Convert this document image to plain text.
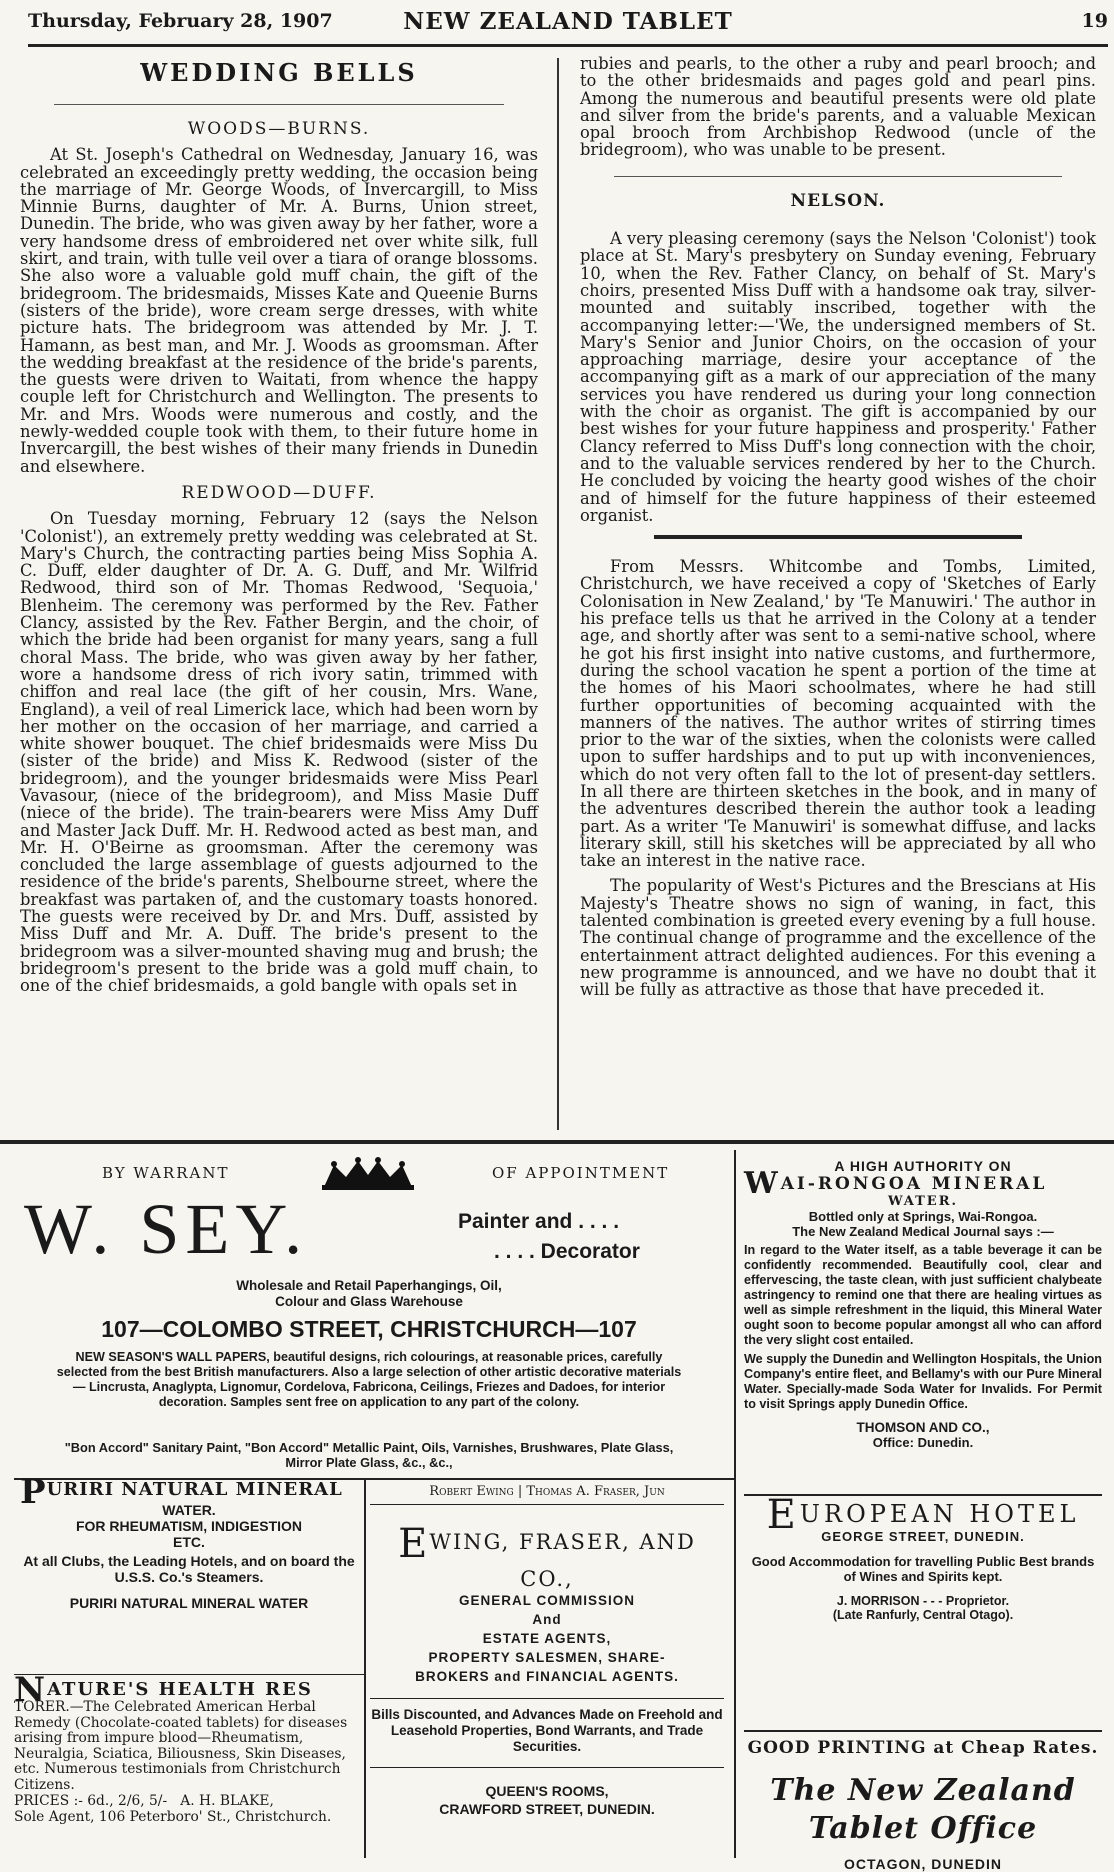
Thursday, February 28, 1907	NEW ZEALAND TABLET	19
WEDDING BELLS
WOODS—BURNS.

At St. Joseph's Cathedral on Wednesday, January 16, was celebrated an exceedingly pretty wedding, the occasion being the marriage of Mr. George Woods, of Invercargill, to Miss Minnie Burns, daughter of Mr. A. Burns, Union street, Dunedin. The bride, who was given away by her father, wore a very handsome dress of embroidered net over white silk, full skirt, and train, with tulle veil over a tiara of orange blossoms. She also wore a valuable gold muff chain, the gift of the bridegroom. The bridesmaids, Misses Kate and Queenie Burns (sisters of the bride), wore cream serge dresses, with white picture hats. The bridegroom was attended by Mr. J. T. Hamann, as best man, and Mr. J. Woods as groomsman. After the wedding breakfast at the residence of the bride's parents, the guests were driven to Waitati, from whence the happy couple left for Christchurch and Wellington. The presents to Mr. and Mrs. Woods were numerous and costly, and the newly-wedded couple took with them, to their future home in Invercargill, the best wishes of their many friends in Dunedin and elsewhere.

REDWOOD—DUFF.

On Tuesday morning, February 12 (says the Nelson 'Colonist'), an extremely pretty wedding was celebrated at St. Mary's Church, the contracting parties being Miss Sophia A. C. Duff, elder daughter of Dr. A. G. Duff, and Mr. Wilfrid Redwood, third son of Mr. Thomas Redwood, 'Sequoia,' Blenheim. The ceremony was performed by the Rev. Father Clancy, assisted by the Rev. Father Bergin, and the choir, of which the bride had been organist for many years, sang a full choral Mass. The bride, who was given away by her father, wore a handsome dress of rich ivory satin, trimmed with chiffon and real lace (the gift of her cousin, Mrs. Wane, England), a veil of real Limerick lace, which had been worn by her mother on the occasion of her marriage, and carried a white shower bouquet. The chief bridesmaids were Miss Du (sister of the bride) and Miss K. Redwood (sister of the bridegroom), and the younger bridesmaids were Miss Pearl Vavasour, (niece of the bridegroom), and Miss Masie Duff (niece of the bride). The train-bearers were Miss Amy Duff and Master Jack Duff. Mr. H. Redwood acted as best man, and Mr. H. O'Beirne as groomsman. After the ceremony was concluded the large assemblage of guests adjourned to the residence of the bride's parents, Shelbourne street, where the breakfast was partaken of, and the customary toasts honored. The guests were received by Dr. and Mrs. Duff, assisted by Miss Duff and Mr. A. Duff. The bride's present to the bridegroom was a silver-mounted shaving mug and brush; the bridegroom's present to the bride was a gold muff chain, to one of the chief bridesmaids, a gold bangle with opals set in

rubies and pearls, to the other a ruby and pearl brooch; and to the other bridesmaids and pages gold and pearl pins. Among the numerous and beautiful presents were old plate and silver from the bride's parents, and a valuable Mexican opal brooch from Archbishop Redwood (uncle of the bridegroom), who was unable to be present.

NELSON.

A very pleasing ceremony (says the Nelson 'Colonist') took place at St. Mary's presbytery on Sunday evening, February 10, when the Rev. Father Clancy, on behalf of St. Mary's choirs, presented Miss Duff with a handsome oak tray, silver-mounted and suitably inscribed, together with the accompanying letter:—'We, the undersigned members of St. Mary's Senior and Junior Choirs, on the occasion of your approaching marriage, desire your acceptance of the accompanying gift as a mark of our appreciation of the many services you have rendered us during your long connection with the choir as organist. The gift is accompanied by our best wishes for your future happiness and prosperity.' Father Clancy referred to Miss Duff's long connection with the choir, and to the valuable services rendered by her to the Church. He concluded by voicing the hearty good wishes of the choir and of himself for the future happiness of their esteemed organist.

From Messrs. Whitcombe and Tombs, Limited, Christchurch, we have received a copy of 'Sketches of Early Colonisation in New Zealand,' by 'Te Manuwiri.' The author in his preface tells us that he arrived in the Colony at a tender age, and shortly after was sent to a semi-native school, where he got his first insight into native customs, and furthermore, during the school vacation he spent a portion of the time at the homes of his Maori schoolmates, where he had still further opportunities of becoming acquainted with the manners of the natives. The author writes of stirring times prior to the war of the sixties, when the colonists were called upon to suffer hardships and to put up with inconveniences, which do not very often fall to the lot of present-day settlers. In all there are thirteen sketches in the book, and in many of the adventures described therein the author took a leading part. As a writer 'Te Manuwiri' is somewhat diffuse, and lacks literary skill, still his sketches will be appreciated by all who take an interest in the native race.

The popularity of West's Pictures and the Brescians at His Majesty's Theatre shows no sign of waning, in fact, this talented combination is greeted every evening by a full house. The continual change of programme and the excellence of the entertainment attract delighted audiences. For this evening a new programme is announced, and we have no doubt that it will be fully as attractive as those that have preceded it.

BY WARRANT	OF APPOINTMENT
W. SEY.	Painter and . . . .
. . . . Decorator
Wholesale and Retail Paperhangings, Oil,
Colour and Glass Warehouse
107—COLOMBO STREET, CHRISTCHURCH—107
NEW SEASON'S WALL PAPERS, beautiful designs, rich colourings, at reasonable prices, carefully selected from the best British manufacturers. Also a large selection of other artistic decorative materials — Lincrusta, Anaglypta, Lignomur, Cordelova, Fabricona, Ceilings, Friezes and Dadoes, for interior decoration. Samples sent free on application to any part of the colony.
"Bon Accord" Sanitary Paint, "Bon Accord" Metallic Paint, Oils, Varnishes, Brushwares, Plate Glass, Mirror Plate Glass, &c., &c.,
PURIRI NATURAL MINERAL
WATER.
FOR RHEUMATISM, INDIGESTION
ETC.
At all Clubs, the Leading Hotels, and on board the U.S.S. Co.'s Steamers.
PURIRI NATURAL MINERAL WATER
NATURE'S HEALTH RES
TORER.—The Celebrated American Herbal Remedy (Chocolate-coated tablets) for diseases arising from impure blood—Rheumatism, Neuralgia, Sciatica, Biliousness, Skin Diseases, etc. Numerous testimonials from Christchurch Citizens.
PRICES :- 6d., 2/6, 5/- A. H. BLAKE,
Sole Agent, 106 Peterboro' St., Christchurch.
Robert Ewing | Thomas A. Fraser, Jun
EWING, FRASER, AND CO.,
GENERAL COMMISSION
And
ESTATE AGENTS,
PROPERTY SALESMEN, SHARE-
BROKERS and FINANCIAL AGENTS.
Bills Discounted, and Advances Made on Freehold and Leasehold Properties, Bond Warrants, and Trade Securities.
QUEEN'S ROOMS,
CRAWFORD STREET, DUNEDIN.
A HIGH AUTHORITY ON
WAI-RONGOA MINERAL
WATER.
Bottled only at Springs, Wai-Rongoa.
The New Zealand Medical Journal says :—
In regard to the Water itself, as a table beverage it can be confidently recommended. Beautifully cool, clear and effervescing, the taste clean, with just sufficient chalybeate astringency to remind one that there are healing virtues as well as simple refreshment in the liquid, this Mineral Water ought soon to become popular amongst all who can afford the very slight cost entailed.
We supply the Dunedin and Wellington Hospitals, the Union Company's entire fleet, and Bellamy's with our Pure Mineral Water. Specially-made Soda Water for Invalids. For Permit to visit Springs apply Dunedin Office.
THOMSON AND CO.,
Office: Dunedin.
EUROPEAN HOTEL
GEORGE STREET, DUNEDIN.
Good Accommodation for travelling Public Best brands of Wines and Spirits kept.
J. MORRISON - - - Proprietor.
(Late Ranfurly, Central Otago).
GOOD PRINTING at Cheap Rates.
The New Zealand Tablet Office
OCTAGON, DUNEDIN
